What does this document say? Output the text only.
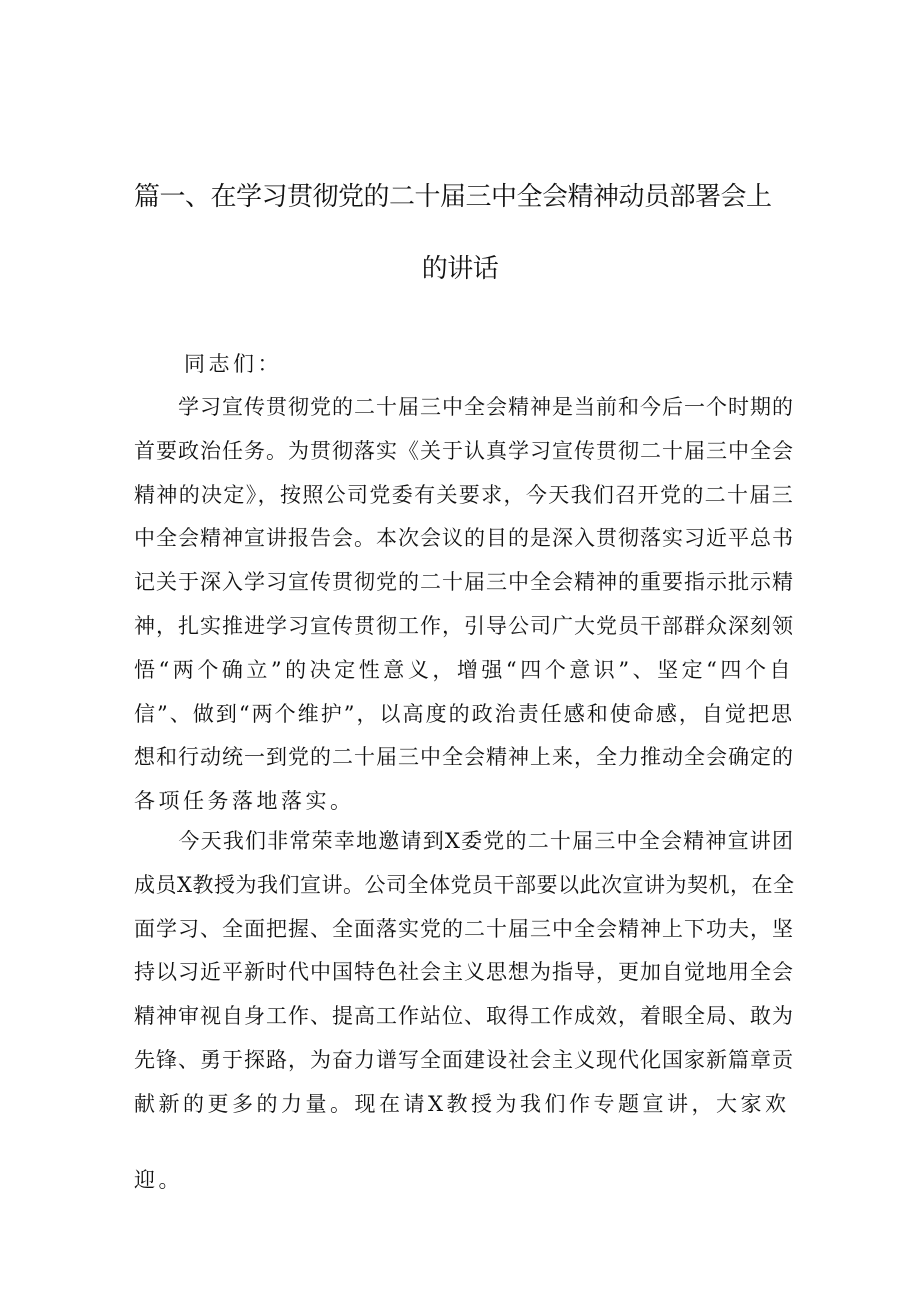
篇一、在学习贯彻党的二十届三中全会精神动员部署会上
的讲话
同志们：
　　学习宣传贯彻党的二十届三中全会精神是当前和今后一个时期的
首要政治任务。为贯彻落实《关于认真学习宣传贯彻二十届三中全会
精神的决定》，按照公司党委有关要求，今天我们召开党的二十届三
中全会精神宣讲报告会。本次会议的目的是深入贯彻落实习近平总书
记关于深入学习宣传贯彻党的二十届三中全会精神的重要指示批示精
神，扎实推进学习宣传贯彻工作，引导公司广大党员干部群众深刻领
悟“两个确立”的决定性意义，增强“四个意识”、坚定“四个自
信”、做到“两个维护”，以高度的政治责任感和使命感，自觉把思
想和行动统一到党的二十届三中全会精神上来，全力推动全会确定的
各项任务落地落实。
　　今天我们非常荣幸地邀请到X委党的二十届三中全会精神宣讲团
成员X教授为我们宣讲。公司全体党员干部要以此次宣讲为契机，在全
面学习、全面把握、全面落实党的二十届三中全会精神上下功夫，坚
持以习近平新时代中国特色社会主义思想为指导，更加自觉地用全会
精神审视自身工作、提高工作站位、取得工作成效，着眼全局、敢为
先锋、勇于探路，为奋力谱写全面建设社会主义现代化国家新篇章贡
献新的更多的力量。现在请X教授为我们作专题宣讲，大家欢
迎。
